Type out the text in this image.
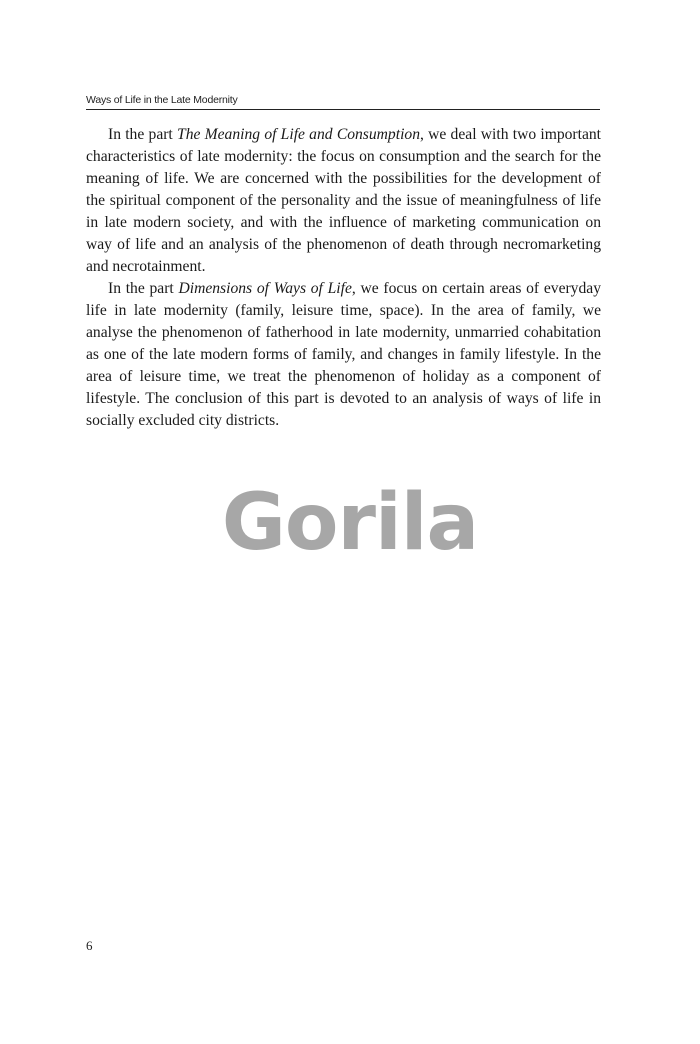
Ways of Life in the Late Modernity

In the part The Meaning of Life and Consumption, we deal with two important characteristics of late modernity: the focus on consumption and the search for the meaning of life. We are concerned with the possibilities for the development of the spiritual component of the personality and the issue of meaningfulness of life in late modern society, and with the influence of marketing communication on way of life and an analysis of the phenomenon of death through necromarketing and necrotainment.

In the part Dimensions of Ways of Life, we focus on certain areas of everyday life in late modernity (family, leisure time, space). In the area of family, we analyse the phenomenon of fatherhood in late modernity, unmarried cohabitation as one of the late modern forms of family, and changes in family lifestyle. In the area of leisure time, we treat the phenomenon of holiday as a component of lifestyle. The conclusion of this part is devoted to an analysis of ways of life in socially excluded city districts.

Gorila
6
